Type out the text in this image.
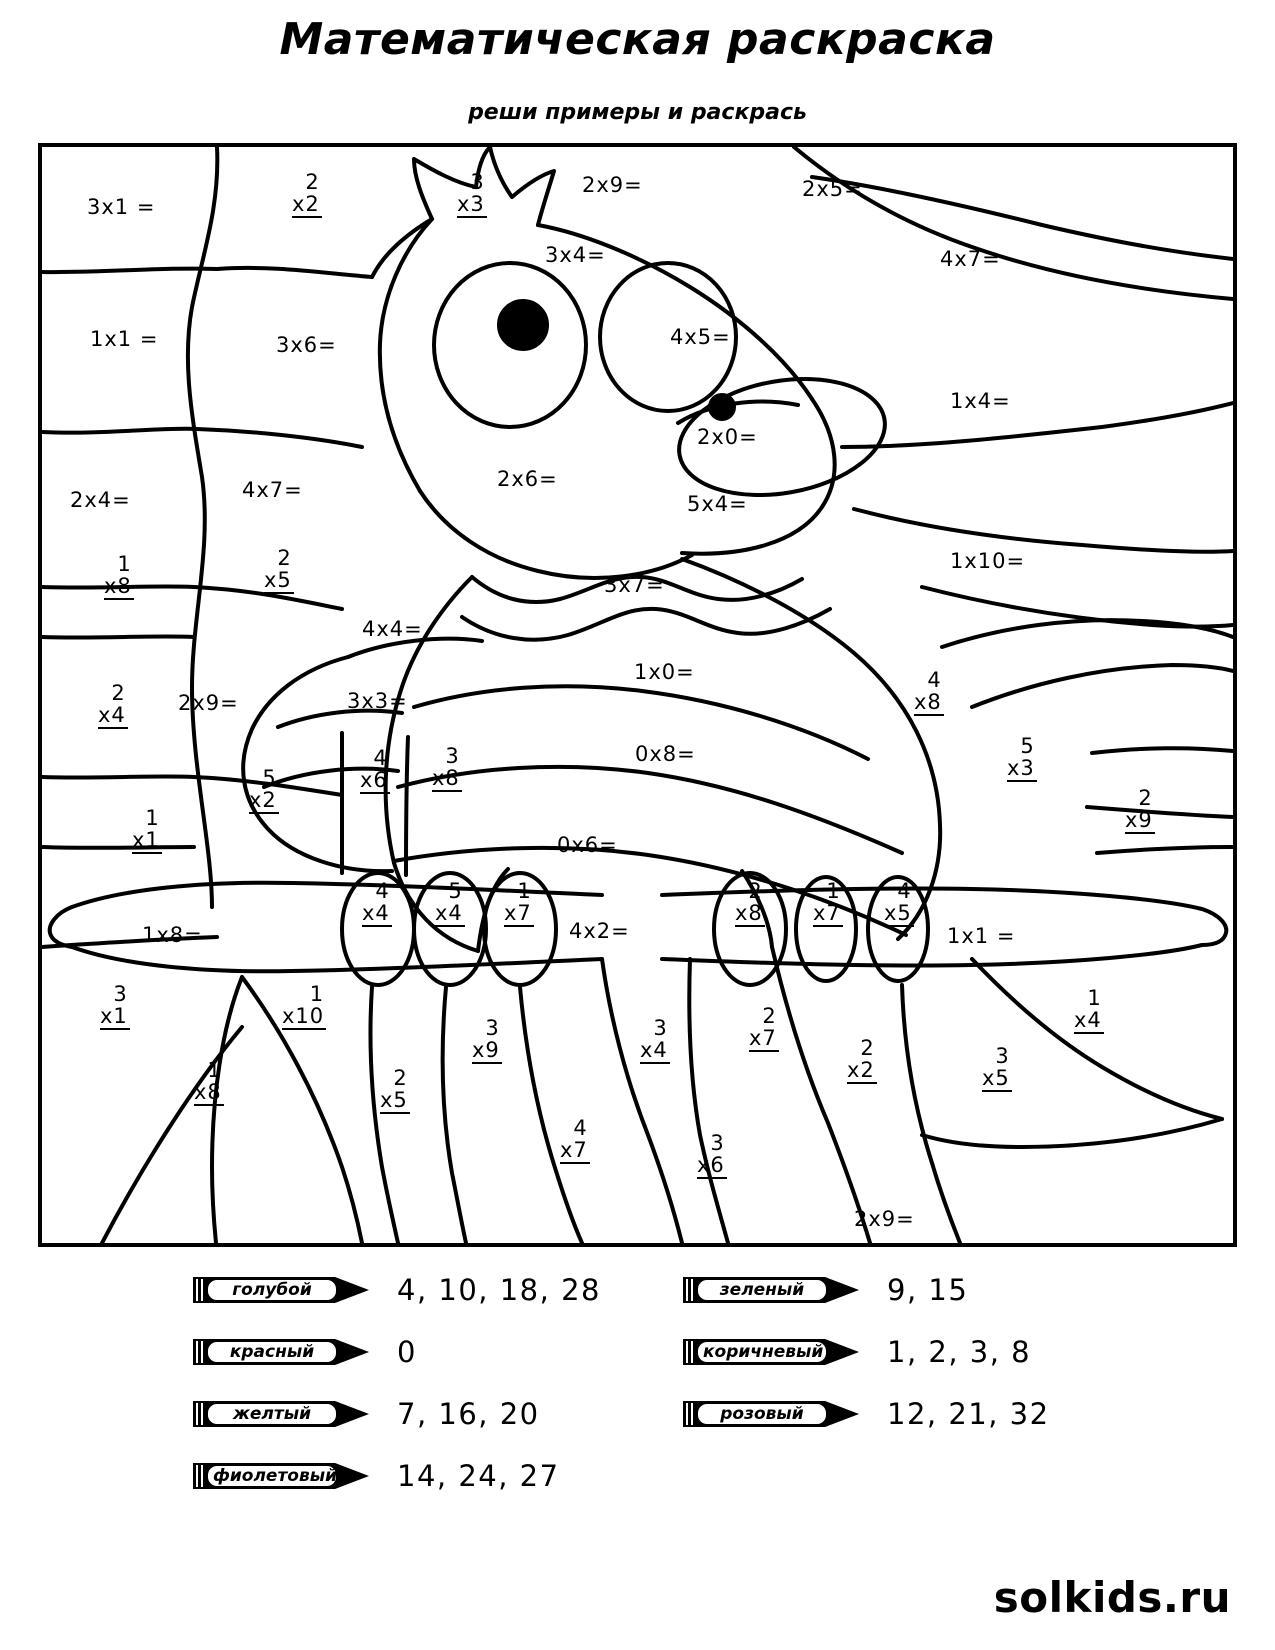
Математическая раскраска
реши примеры и раскрась
3x1 =
2x9=	2x5=
3x4=	4x7=
1x1 =	3x6=	4x5=
1x4=
2x0=
2x4=	4x7=	2x6=
5x4=
1x10=
3x7=
4x4=
1x0=
2x9=	3x3=
0x8=
0x6=
1x8=	4x2=	1x1 =
2x9=
2
x2
3
x3
2
x5
1
x8
2
x4
4
x8
5
x3
5
x2
4
x6
3
x8
2
x9
1
x1
4
x4
5
x4
1
x7
2
x8
1
x7
4
x5
3
x1
1
x10
1
x8
2
x5
3
x9
3
x4
2
x7	2
x2
3
x5
1
x4
4
x7	3
x6
голубой	4, 10, 18, 28	зеленый	9, 15
красный	0	коричневый 1, 2, 3, 8
желтый	7, 16, 20	розовый	12, 21, 32
фиолетовый 14, 24, 27
solkids.ru
